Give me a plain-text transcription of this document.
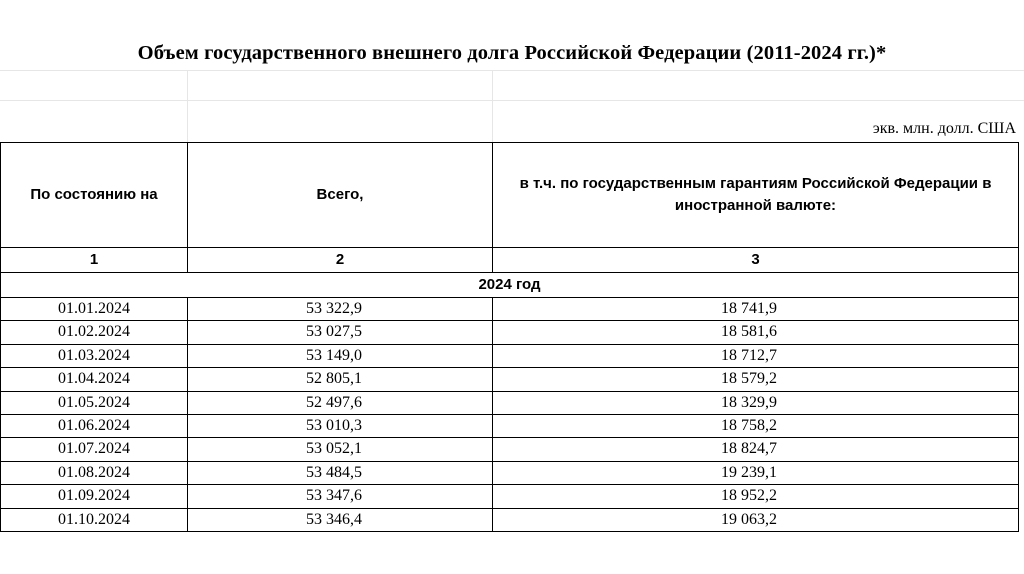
Объем государственного внешнего долга Российской Федерации (2011-2024 гг.)*
экв. млн. долл. США
По состоянию на	Всего,	в т.ч. по государственным гарантиям Российской Федерации в иностранной валюте:
1	2	3
2024 год		
01.01.2024	53 322,9	18 741,9
01.02.2024	53 027,5	18 581,6
01.03.2024	53 149,0	18 712,7
01.04.2024	52 805,1	18 579,2
01.05.2024	52 497,6	18 329,9
01.06.2024	53 010,3	18 758,2
01.07.2024	53 052,1	18 824,7
01.08.2024	53 484,5	19 239,1
01.09.2024	53 347,6	18 952,2
01.10.2024	53 346,4	19 063,2
